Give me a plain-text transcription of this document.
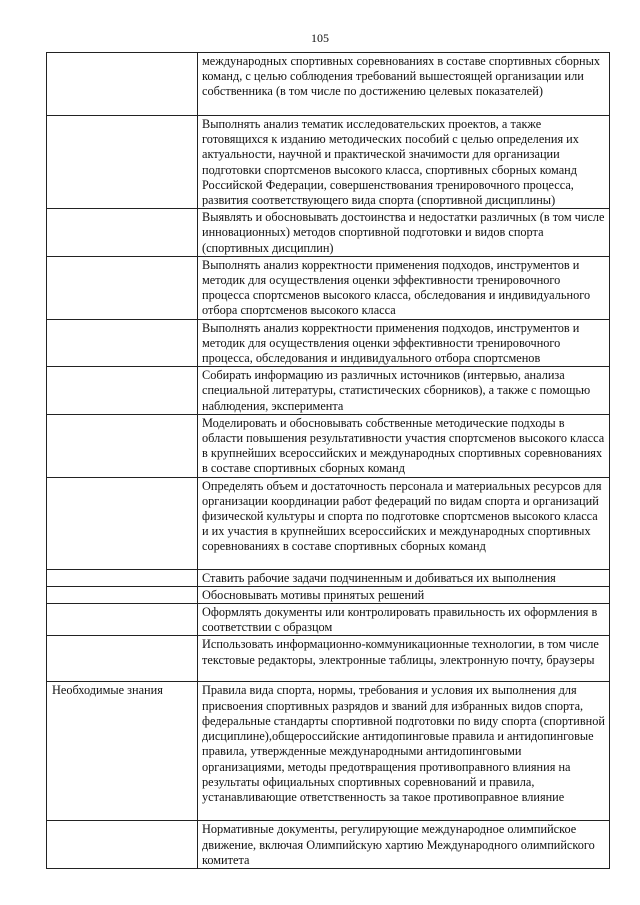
105
	международных спортивных соревнованиях в составе спортивных сборных команд, с целью соблюдения требований вышестоящей организации или собственника (в том числе по достижению целевых показателей)
	Выполнять анализ тематик исследовательских проектов, а также готовящихся к изданию методических пособий с целью определения их актуальности, научной и практической значимости для организации подготовки спортсменов высокого класса, спортивных сборных команд Российской Федерации, совершенствования тренировочного процесса, развития соответствующего вида спорта (спортивной дисциплины)
	Выявлять и обосновывать достоинства и недостатки различных (в том числе инновационных) методов спортивной подготовки и видов спорта (спортивных дисциплин)
	Выполнять анализ корректности применения подходов, инструментов и методик для осуществления оценки эффективности тренировочного процесса спортсменов высокого класса, обследования и индивидуального отбора спортсменов высокого класса
	Выполнять анализ корректности применения подходов, инструментов и методик для осуществления оценки эффективности тренировочного процесса, обследования и индивидуального отбора спортсменов
	Собирать информацию из различных источников (интервью, анализа специальной литературы, статистических сборников), а также с помощью наблюдения, эксперимента
	Моделировать и обосновывать собственные методические подходы в области повышения результативности участия спортсменов высокого класса в крупнейших всероссийских и международных спортивных соревнованиях в составе спортивных сборных команд
	Определять объем и достаточность персонала и материальных ресурсов для организации координации работ федераций по видам спорта и организаций физической культуры и спорта по подготовке спортсменов высокого класса и их участия в крупнейших всероссийских и международных спортивных соревнованиях в составе спортивных сборных команд
	Ставить рабочие задачи подчиненным и добиваться их выполнения
	Обосновывать мотивы принятых решений
	Оформлять документы или контролировать правильность их оформления в соответствии с образцом
	Использовать информационно-коммуникационные технологии, в том числе текстовые редакторы, электронные таблицы, электронную почту, браузеры
Необходимые знания	Правила вида спорта, нормы, требования и условия их выполнения для присвоения спортивных разрядов и званий для избранных видов спорта, федеральные стандарты спортивной подготовки по виду спорта (спортивной дисциплине),общероссийские антидопинговые правила и антидопинговые правила, утвержденные международными антидопинговыми организациями, методы предотвращения противоправного влияния на результаты официальных спортивных соревнований и правила, устанавливающие ответственность за такое противоправное влияние
	Нормативные документы, регулирующие международное олимпийское движение, включая Олимпийскую хартию Международного олимпийского комитета
